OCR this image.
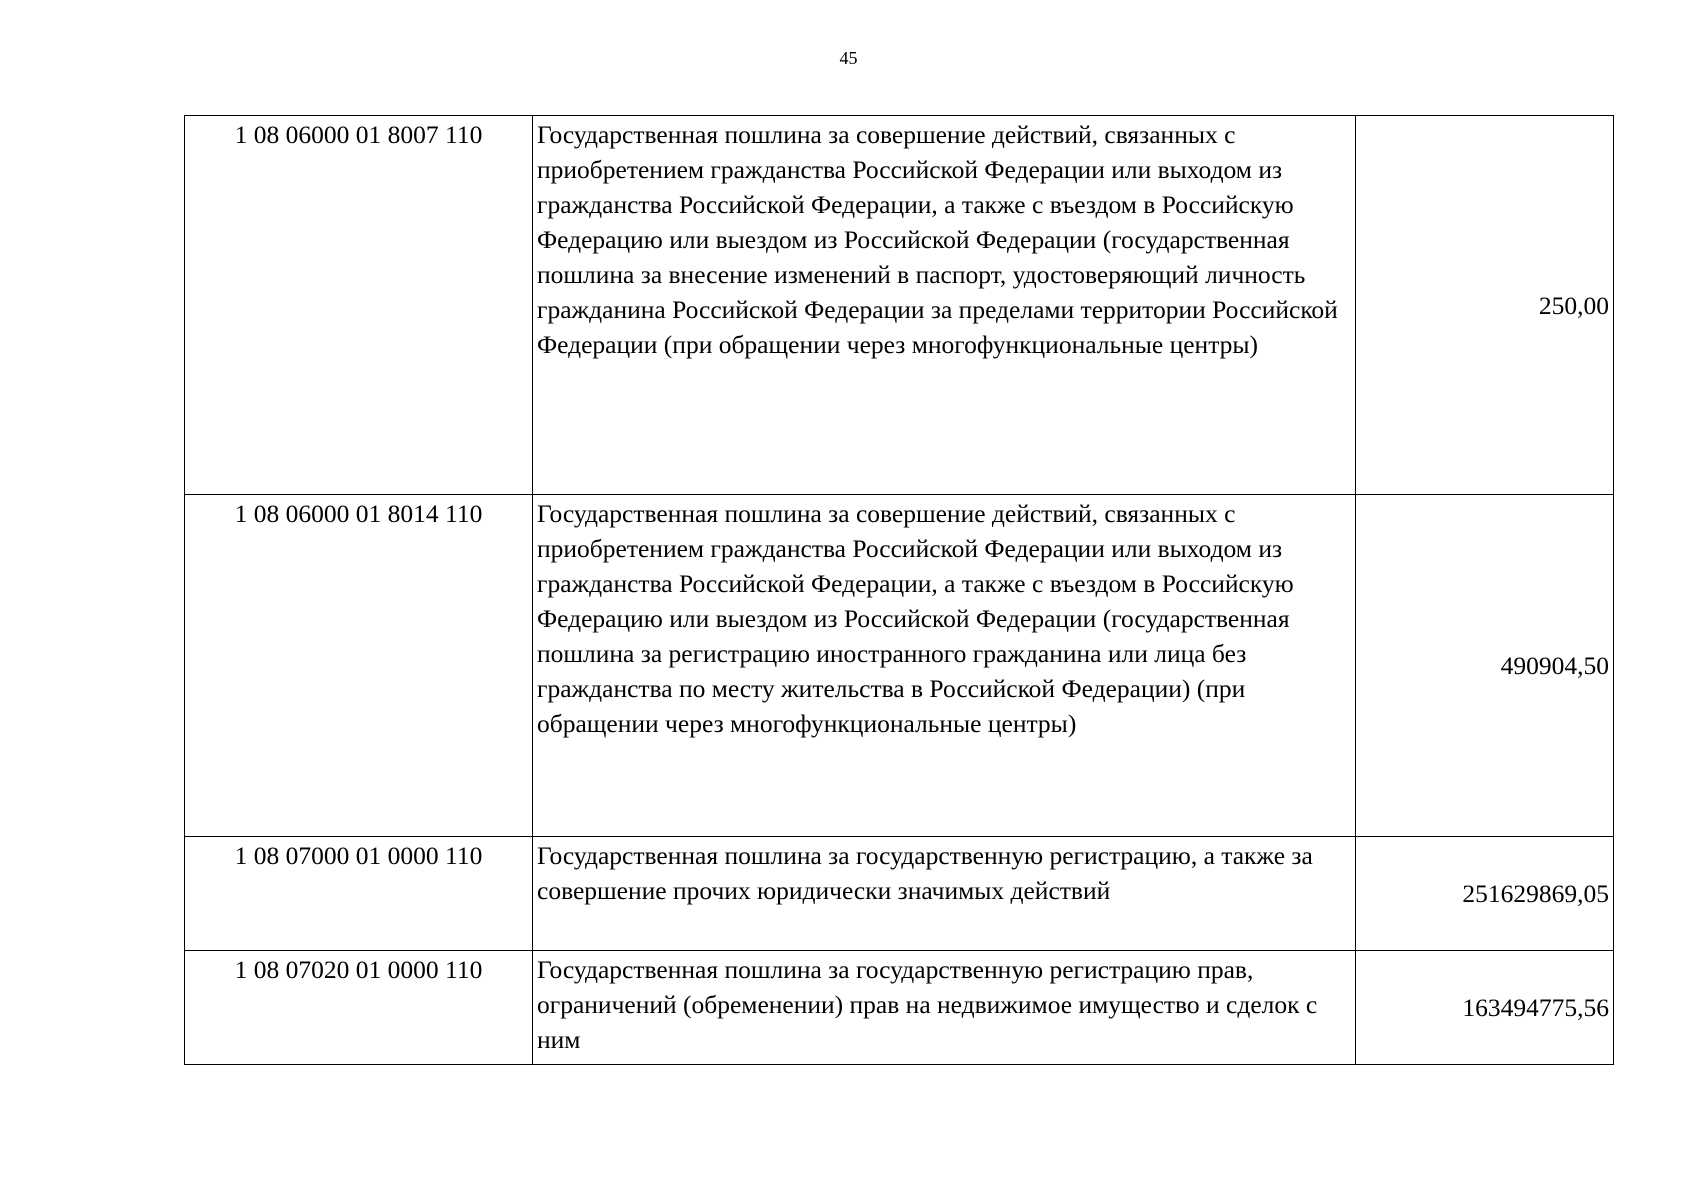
45
1 08 06000 01 8007 110	Государственная пошлина за совершение действий, связанных с приобретением гражданства Российской Федерации или выходом из гражданства Российской Федерации, а также с въездом в Российскую Федерацию или выездом из Российской Федерации (государственная пошлина за внесение изменений в паспорт, удостоверяющий личность гражданина Российской Федерации за пределами территории Российской Федерации (при обращении через многофункциональные центры)	250,00
1 08 06000 01 8014 110	Государственная пошлина за совершение действий, связанных с приобретением гражданства Российской Федерации или выходом из гражданства Российской Федерации, а также с въездом в Российскую Федерацию или выездом из Российской Федерации (государственная пошлина за регистрацию иностранного гражданина или лица без гражданства по месту жительства в Российской Федерации) (при обращении через многофункциональные центры)	490904,50
1 08 07000 01 0000 110	Государственная пошлина за государственную регистрацию, а также за совершение прочих юридически значимых действий	251629869,05
1 08 07020 01 0000 110	Государственная пошлина за государственную регистрацию прав, ограничений (обременении) прав на недвижимое имущество и сделок с ним	163494775,56
